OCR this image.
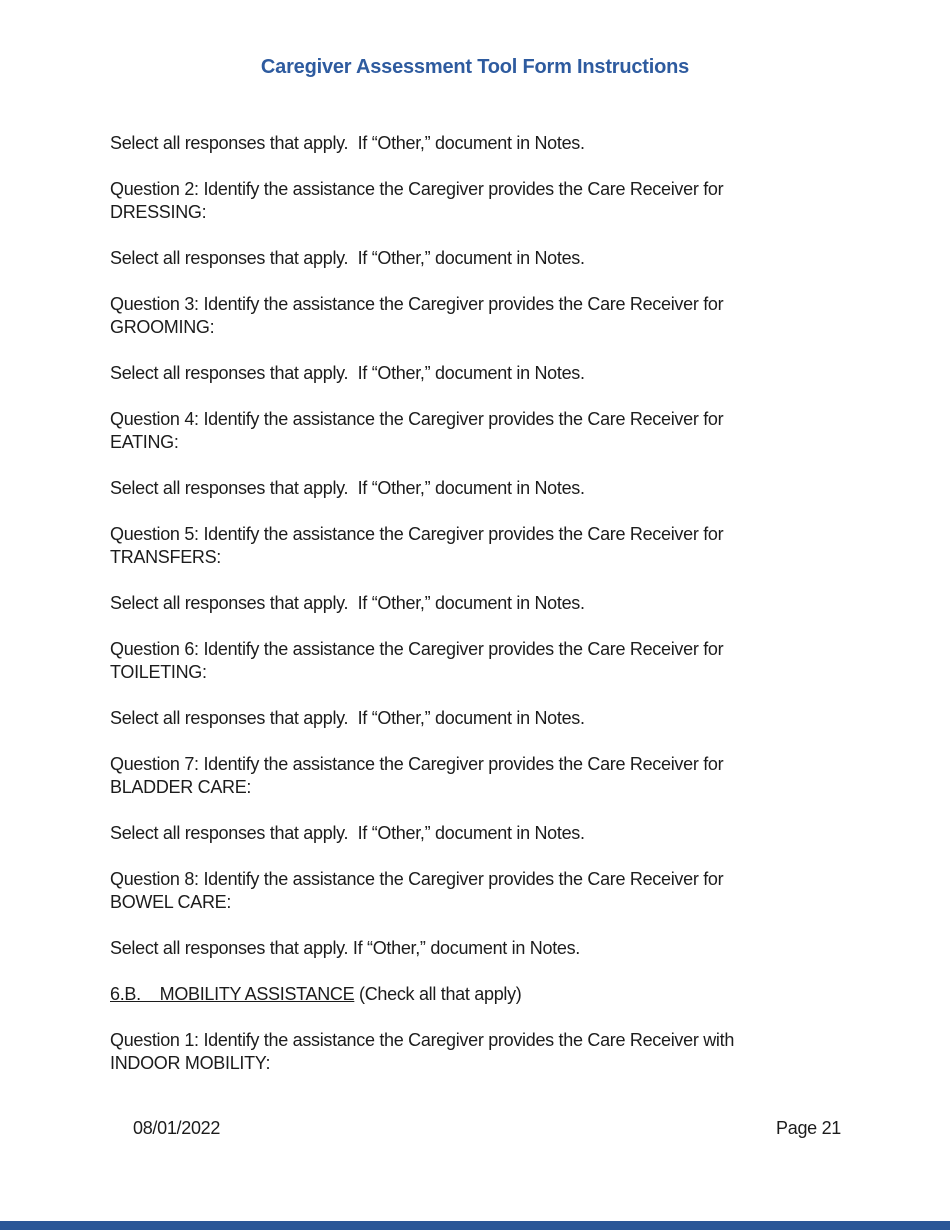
Caregiver Assessment Tool Form Instructions

Select all responses that apply.  If “Other,” document in Notes.

Question 2: Identify the assistance the Caregiver provides the Care Receiver for
DRESSING:

Select all responses that apply.  If “Other,” document in Notes.

Question 3: Identify the assistance the Caregiver provides the Care Receiver for
GROOMING:

Select all responses that apply.  If “Other,” document in Notes.

Question 4: Identify the assistance the Caregiver provides the Care Receiver for
EATING:

Select all responses that apply.  If “Other,” document in Notes.

Question 5: Identify the assistance the Caregiver provides the Care Receiver for
TRANSFERS:

Select all responses that apply.  If “Other,” document in Notes.

Question 6: Identify the assistance the Caregiver provides the Care Receiver for
TOILETING:

Select all responses that apply.  If “Other,” document in Notes.

Question 7: Identify the assistance the Caregiver provides the Care Receiver for
BLADDER CARE:

Select all responses that apply.  If “Other,” document in Notes.

Question 8: Identify the assistance the Caregiver provides the Care Receiver for
BOWEL CARE:

Select all responses that apply. If “Other,” document in Notes.

6.B.    MOBILITY ASSISTANCE (Check all that apply)

Question 1: Identify the assistance the Caregiver provides the Care Receiver with
INDOOR MOBILITY:

08/01/2022	Page 21
